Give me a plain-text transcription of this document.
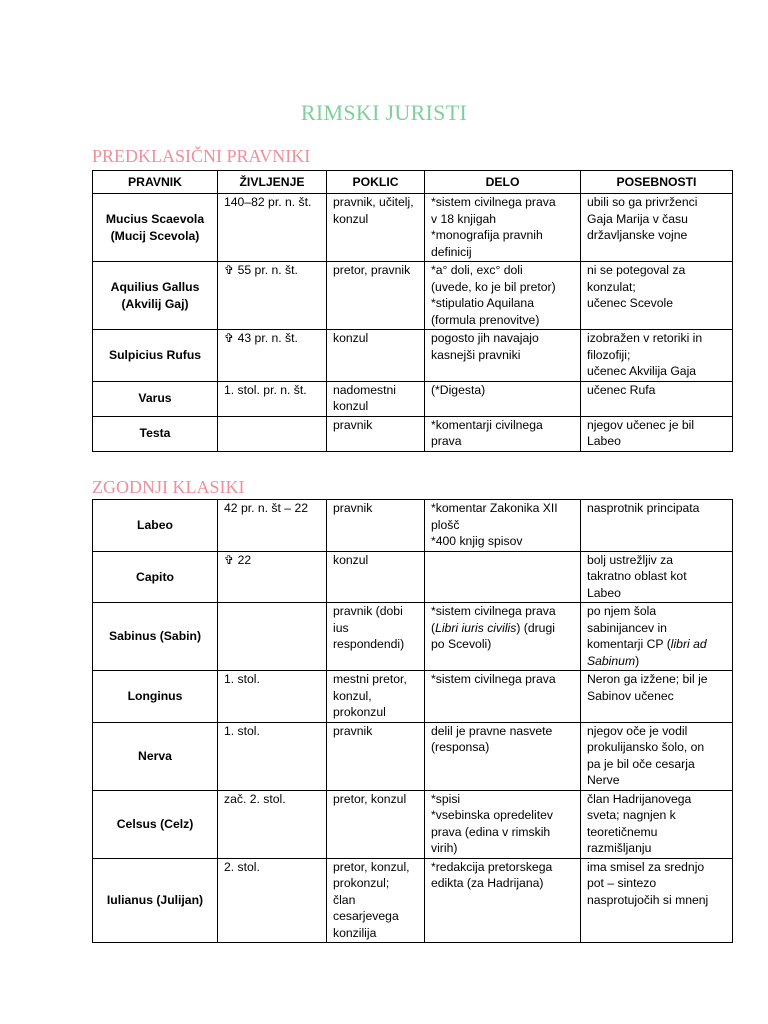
RIMSKI JURISTI
PREDKLASIČNI PRAVNIKI
PRAVNIK	ŽIVLJENJE	POKLIC	DELO	POSEBNOSTI

Mucius Scaevola
(Mucij Scevola)	140–82 pr. n. št.	pravnik, učitelj,
konzul	*sistem civilnega prava
v 18 knjigah
*monografija pravnih
definicij	ubili so ga privrženci
Gaja Marija v času
državljanske vojne

Aquilius Gallus
(Akvilij Gaj)	✞ 55 pr. n. št.	pretor, pravnik	*a° doli, exc° doli
(uvede, ko je bil pretor)
*stipulatio Aquilana
(formula prenovitve)	ni se potegoval za
konzulat;
učenec Scevole

Sulpicius Rufus	✞ 43 pr. n. št.	konzul	pogosto jih navajajo
kasnejši pravniki	izobražen v retoriki in
filozofiji;
učenec Akvilija Gaja

Varus	1. stol. pr. n. št.	nadomestni
konzul	(*Digesta)	učenec Rufa

Testa		pravnik	*komentarji civilnega
prava	njegov učenec je bil
Labeo
ZGODNJI KLASIKI
Labeo	42 pr. n. št – 22	pravnik	*komentar Zakonika XII
plošč
*400 knjig spisov	nasprotnik principata

Capito	✞ 22	konzul		bolj ustrežljiv za
takratno oblast kot
Labeo

Sabinus (Sabin)		pravnik (dobi
ius
respondendi)	*sistem civilnega prava
(Libri iuris civilis) (drugi
po Scevoli)	po njem šola
sabinijancev in
komentarji CP (libri ad
Sabinum)

Longinus	1. stol.	mestni pretor,
konzul,
prokonzul	*sistem civilnega prava	Neron ga izžene; bil je
Sabinov učenec

Nerva	1. stol.	pravnik	delil je pravne nasvete
(responsa)	njegov oče je vodil
prokulijansko šolo, on
pa je bil oče cesarja
Nerve

Celsus (Celz)	zač. 2. stol.	pretor, konzul	*spisi
*vsebinska opredelitev
prava (edina v rimskih
virih)	član Hadrijanovega
sveta; nagnjen k
teoretičnemu
razmišljanju

Iulianus (Julijan)	2. stol.	pretor, konzul,
prokonzul;
član
cesarjevega
konzilija	*redakcija pretorskega
edikta (za Hadrijana)	ima smisel za srednjo
pot – sintezo
nasprotujočih si mnenj
